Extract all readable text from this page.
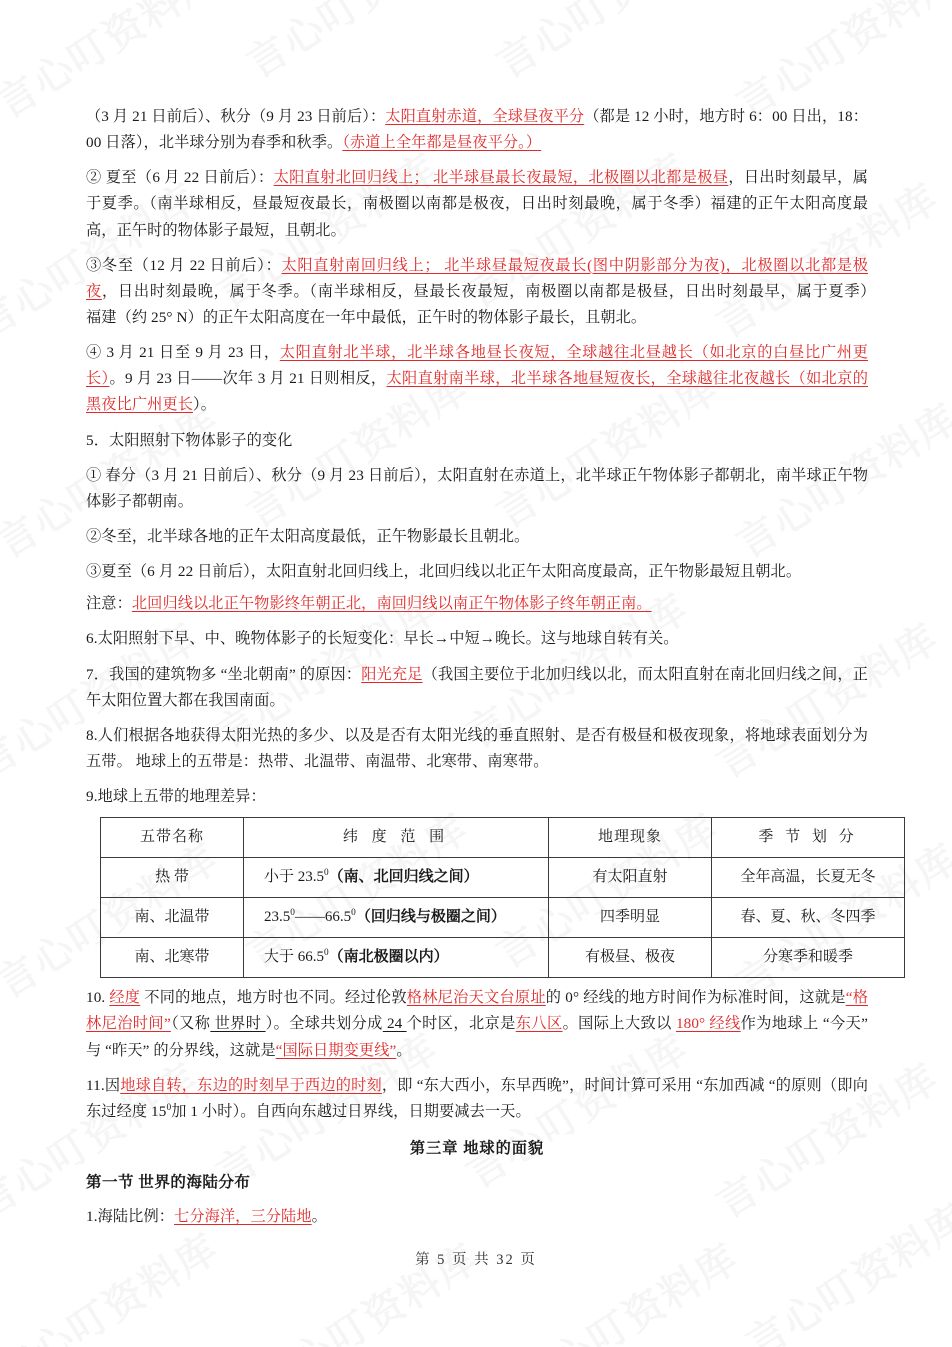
（3 月 21 日前后）、秋分（9 月 23 日前后）：太阳直射赤道，全球昼夜平分（都是 12 小时，地方时 6：00 日出，18：00 日落），北半球分别为春季和秋季。（赤道上全年都是昼夜平分。）

② 夏至（6 月 22 日前后）：太阳直射北回归线上； 北半球昼最长夜最短，北极圈以北都是极昼，日出时刻最早，属于夏季。（南半球相反，昼最短夜最长，南极圈以南都是极夜，日出时刻最晚，属于冬季）福建的正午太阳高度最高，正午时的物体影子最短，且朝北。

③冬至（12 月 22 日前后）：太阳直射南回归线上； 北半球昼最短夜最长(图中阴影部分为夜)，北极圈以北都是极夜，日出时刻最晚，属于冬季。（南半球相反，昼最长夜最短，南极圈以南都是极昼，日出时刻最早，属于夏季）　　福建（约 25° N）的正午太阳高度在一年中最低，正午时的物体影子最长，且朝北。

④ 3 月 21 日至 9 月 23 日，太阳直射北半球，北半球各地昼长夜短，全球越往北昼越长（如北京的白昼比广州更长）。9 月 23 日——次年 3 月 21 日则相反，太阳直射南半球，北半球各地昼短夜长，全球越往北夜越长（如北京的黑夜比广州更长）。

5．太阳照射下物体影子的变化

① 春分（3 月 21 日前后）、秋分（9 月 23 日前后），太阳直射在赤道上，北半球正午物体影子都朝北，南半球正午物体影子都朝南。

②冬至，北半球各地的正午太阳高度最低，正午物影最长且朝北。

③夏至（6 月 22 日前后），太阳直射北回归线上，北回归线以北正午太阳高度最高，正午物影最短且朝北。

注意：北回归线以北正午物影终年朝正北，南回归线以南正午物体影子终年朝正南。

6.太阳照射下早、中、晚物体影子的长短变化：早长→中短→晚长。这与地球自转有关。

7．我国的建筑物多 “坐北朝南” 的原因：阳光充足（我国主要位于北加归线以北，而太阳直射在南北回归线之间，正午太阳位置大都在我国南面。

8.人们根据各地获得太阳光热的多少、以及是否有太阳光线的垂直照射、是否有极昼和极夜现象，将地球表面划分为五带。 地球上的五带是：热带、北温带、南温带、北寒带、南寒带。

9.地球上五带的地理差异：

五带名称	纬 度 范 围	地理现象	季 节 划 分
热 带	小于 23.5$^0$（南、北回归线之间）	有太阳直射	全年高温，长夏无冬
南、北温带	23.5$^0$——66.5$^0$（回归线与极圈之间）	四季明显	春、夏、秋、冬四季
南、北寒带	大于 66.5$^0$（南北极圈以内）	有极昼、极夜	分寒季和暖季

10. 经度 不同的地点，地方时也不同。经过伦敦格林尼治天文台原址的 0° 经线的地方时间作为标准时间，这就是“格林尼治时间”（又称 世界时 ）。全球共划分成 24 个时区，北京是东八区。国际上大致以 180° 经线作为地球上 “今天” 与 “昨天” 的分界线，这就是“国际日期变更线”。

11.因地球自转，东边的时刻早于西边的时刻，即 “东大西小，东早西晚”，时间计算可采用 “东加西减 “的原则（即向东过经度 $15^0$加 1 小时）。自西向东越过日界线，日期要减去一天。

第三章 地球的面貌
第一节 世界的海陆分布

1.海陆比例：七分海洋，三分陆地。

第 5 页 共 32 页
